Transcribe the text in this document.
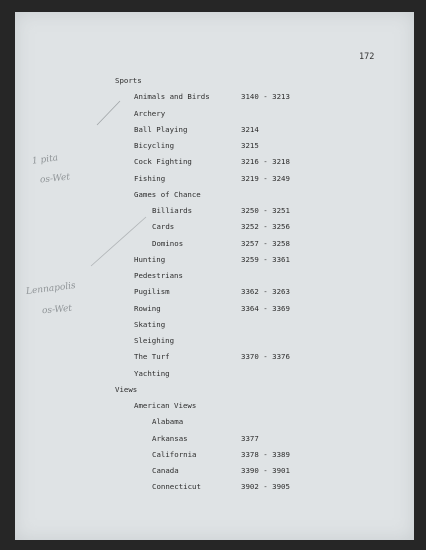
172
Sports
Animals and Birds	3140 - 3213
Archery
Ball Playing	3214
Bicycling	3215
Cock Fighting	3216 - 3218
Fishing	3219 - 3249
Games of Chance
Billiards	3250 - 3251
Cards	3252 - 3256
Dominos	3257 - 3258
Hunting	3259 - 3361
Pedestrians
Pugilism	3362 - 3263
Rowing	3364 - 3369
Skating
Sleighing
The Turf	3370 - 3376
Yachting
Views
American Views
Alabama
Arkansas	3377
California	3378 - 3389
Canada	3390 - 3901
Connecticut	3902 - 3905
1 pita
os-Wet
Lennapolis
os-Wet
